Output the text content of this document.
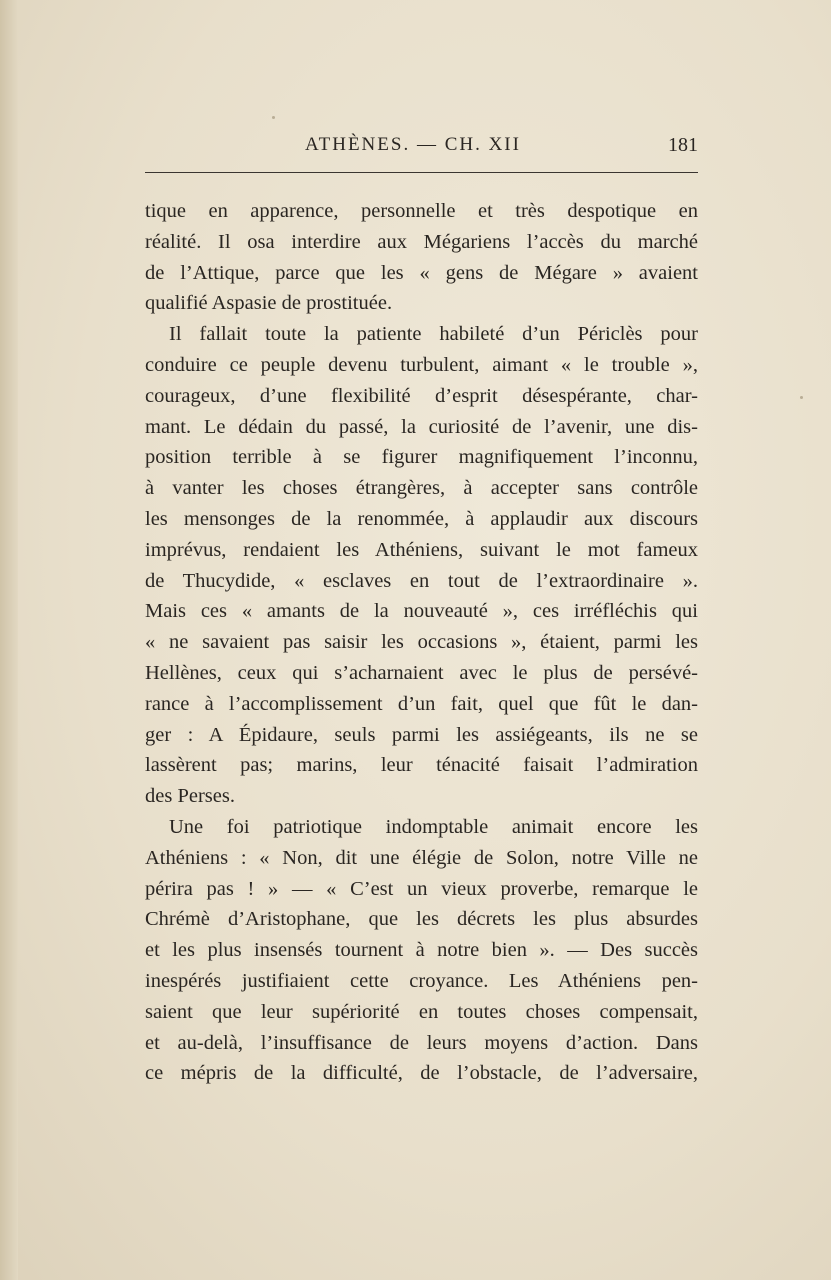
ATHÈNES. — CH. XII	181
tique en apparence, personnelle et très despotique en
réalité. Il osa interdire aux Mégariens l’accès du marché
de l’Attique, parce que les « gens de Mégare » avaient
qualifié Aspasie de prostituée.
Il fallait toute la patiente habileté d’un Périclès pour
conduire ce peuple devenu turbulent, aimant « le trouble »,
courageux, d’une flexibilité d’esprit désespérante, char-
mant. Le dédain du passé, la curiosité de l’avenir, une dis-
position terrible à se figurer magnifiquement l’inconnu,
à vanter les choses étrangères, à accepter sans contrôle
les mensonges de la renommée, à applaudir aux discours
imprévus, rendaient les Athéniens, suivant le mot fameux
de Thucydide, « esclaves en tout de l’extraordinaire ».
Mais ces « amants de la nouveauté », ces irréfléchis qui
« ne savaient pas saisir les occasions », étaient, parmi les
Hellènes, ceux qui s’acharnaient avec le plus de persévé-
rance à l’accomplissement d’un fait, quel que fût le dan-
ger : A Épidaure, seuls parmi les assiégeants, ils ne se
lassèrent pas; marins, leur ténacité faisait l’admiration
des Perses.
Une foi patriotique indomptable animait encore les
Athéniens : « Non, dit une élégie de Solon, notre Ville ne
périra pas ! » — « C’est un vieux proverbe, remarque le
Chrémè d’Aristophane, que les décrets les plus absurdes
et les plus insensés tournent à notre bien ». — Des succès
inespérés justifiaient cette croyance. Les Athéniens pen-
saient que leur supériorité en toutes choses compensait,
et au-delà, l’insuffisance de leurs moyens d’action. Dans
ce mépris de la difficulté, de l’obstacle, de l’adversaire,
